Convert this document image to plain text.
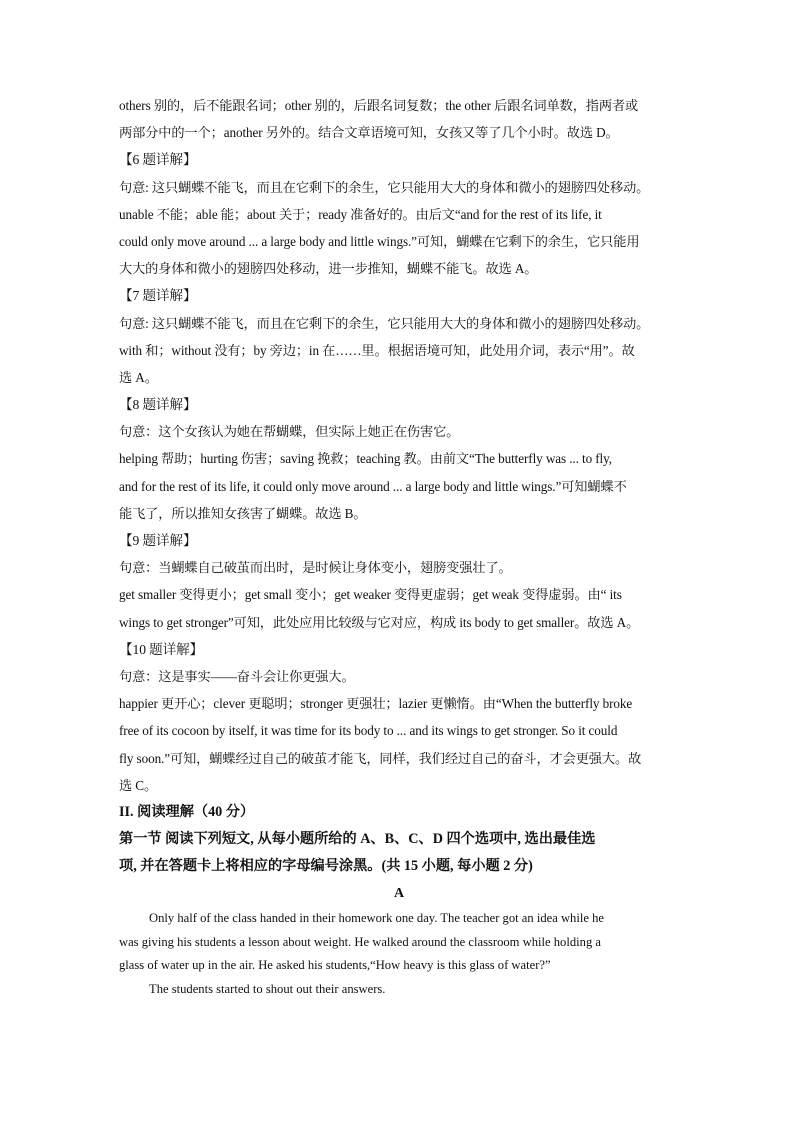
others 别的，后不能跟名词；other 别的，后跟名词复数；the other 后跟名词单数，指两者或

两部分中的一个；another 另外的。结合文章语境可知，女孩又等了几个小时。故选 D。

【6 题详解】

句意: 这只蝴蝶不能飞，而且在它剩下的余生，它只能用大大的身体和微小的翅膀四处移动。

unable 不能；able 能；about 关于；ready 准备好的。由后文“and for the rest of its life, it

could only move around ... a large body and little wings.”可知，蝴蝶在它剩下的余生，它只能用

大大的身体和微小的翅膀四处移动，进一步推知，蝴蝶不能飞。故选 A。

【7 题详解】

句意: 这只蝴蝶不能飞，而且在它剩下的余生，它只能用大大的身体和微小的翅膀四处移动。

with 和；without 没有；by 旁边；in 在……里。根据语境可知，此处用介词，表示“用”。故

选 A。

【8 题详解】

句意：这个女孩认为她在帮蝴蝶，但实际上她正在伤害它。

helping 帮助；hurting 伤害；saving 挽救；teaching 教。由前文“The butterfly was ... to fly,

and for the rest of its life, it could only move around ... a large body and little wings.”可知蝴蝶不

能飞了，所以推知女孩害了蝴蝶。故选 B。

【9 题详解】

句意：当蝴蝶自己破茧而出时，是时候让身体变小，翅膀变强壮了。

get smaller 变得更小；get small 变小；get weaker 变得更虚弱；get weak 变得虚弱。由“ its

wings to get stronger”可知，此处应用比较级与它对应，构成 its body to get smaller。故选 A。

【10 题详解】

句意：这是事实——奋斗会让你更强大。

happier 更开心；clever 更聪明；stronger 更强壮；lazier 更懒惰。由“When the butterfly broke

free of its cocoon by itself, it was time for its body to ... and its wings to get stronger. So it could

fly soon.”可知，蝴蝶经过自己的破茧才能飞，同样，我们经过自己的奋斗，才会更强大。故

选 C。

II. 阅读理解（40 分）

第一节 阅读下列短文, 从每小题所给的 A、B、C、D 四个选项中, 选出最佳选

项, 并在答题卡上将相应的字母编号涂黑。(共 15 小题, 每小题 2 分)

A

Only half of the class handed in their homework one day. The teacher got an idea while he

was giving his students a lesson about weight. He walked around the classroom while holding a

glass of water up in the air. He asked his students,“How heavy is this glass of water?”

The students started to shout out their answers.
